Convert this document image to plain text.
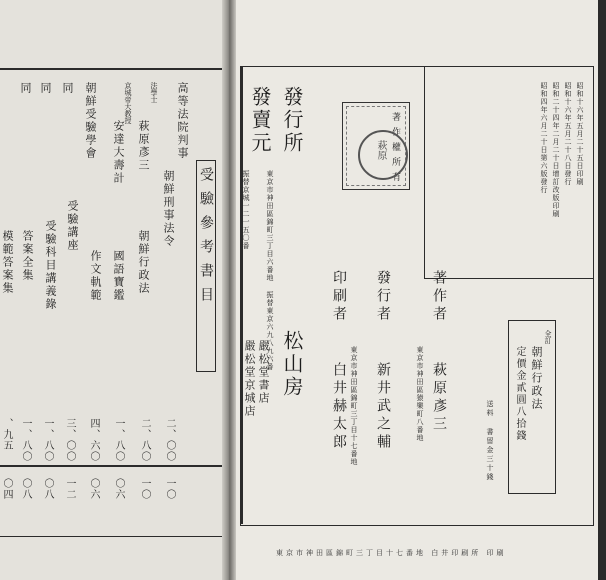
受驗參考書目
高等法院判事
朝鮮刑事法令
二、〇〇
一〇
法學士
萩原彥三
朝鮮行政法
二、八〇
一〇
京城帝大教授
安達大壽計
國語寶鑑
一、八〇
〇六
朝鮮受驗學會
作文軌範
四、六〇
〇六
同
受驗講座
三、〇〇
一二
同
受驗科目講義錄
一、八〇
〇八
同
答案全集
一、八〇
〇八
模範答案集
、九五
〇四
昭和十六年五月二十五日印刷
昭和十六年五月二十八日發行
昭和二十四年二月二十日增訂改版印刷
昭和四年六月二十日第六版發行
著作權所有
萩原
全訂
朝鮮行政法
定價金貳圓八拾錢
送料 書留金三十錢
著作者
萩原彥三
東京市神田區猿樂町八番地
發行者
新井武之輔
印刷者
白井赫太郎 東京市神田區錦町三丁目十七番地
發行所
松山房
東京市神田區錦町三丁目六番地 振替東京六九八九六番
發賣元
振替京城一二一五〇番
嚴松堂書店
嚴松堂京城店
東京市神田區錦町三丁目十七番地 白井印刷所 印刷
